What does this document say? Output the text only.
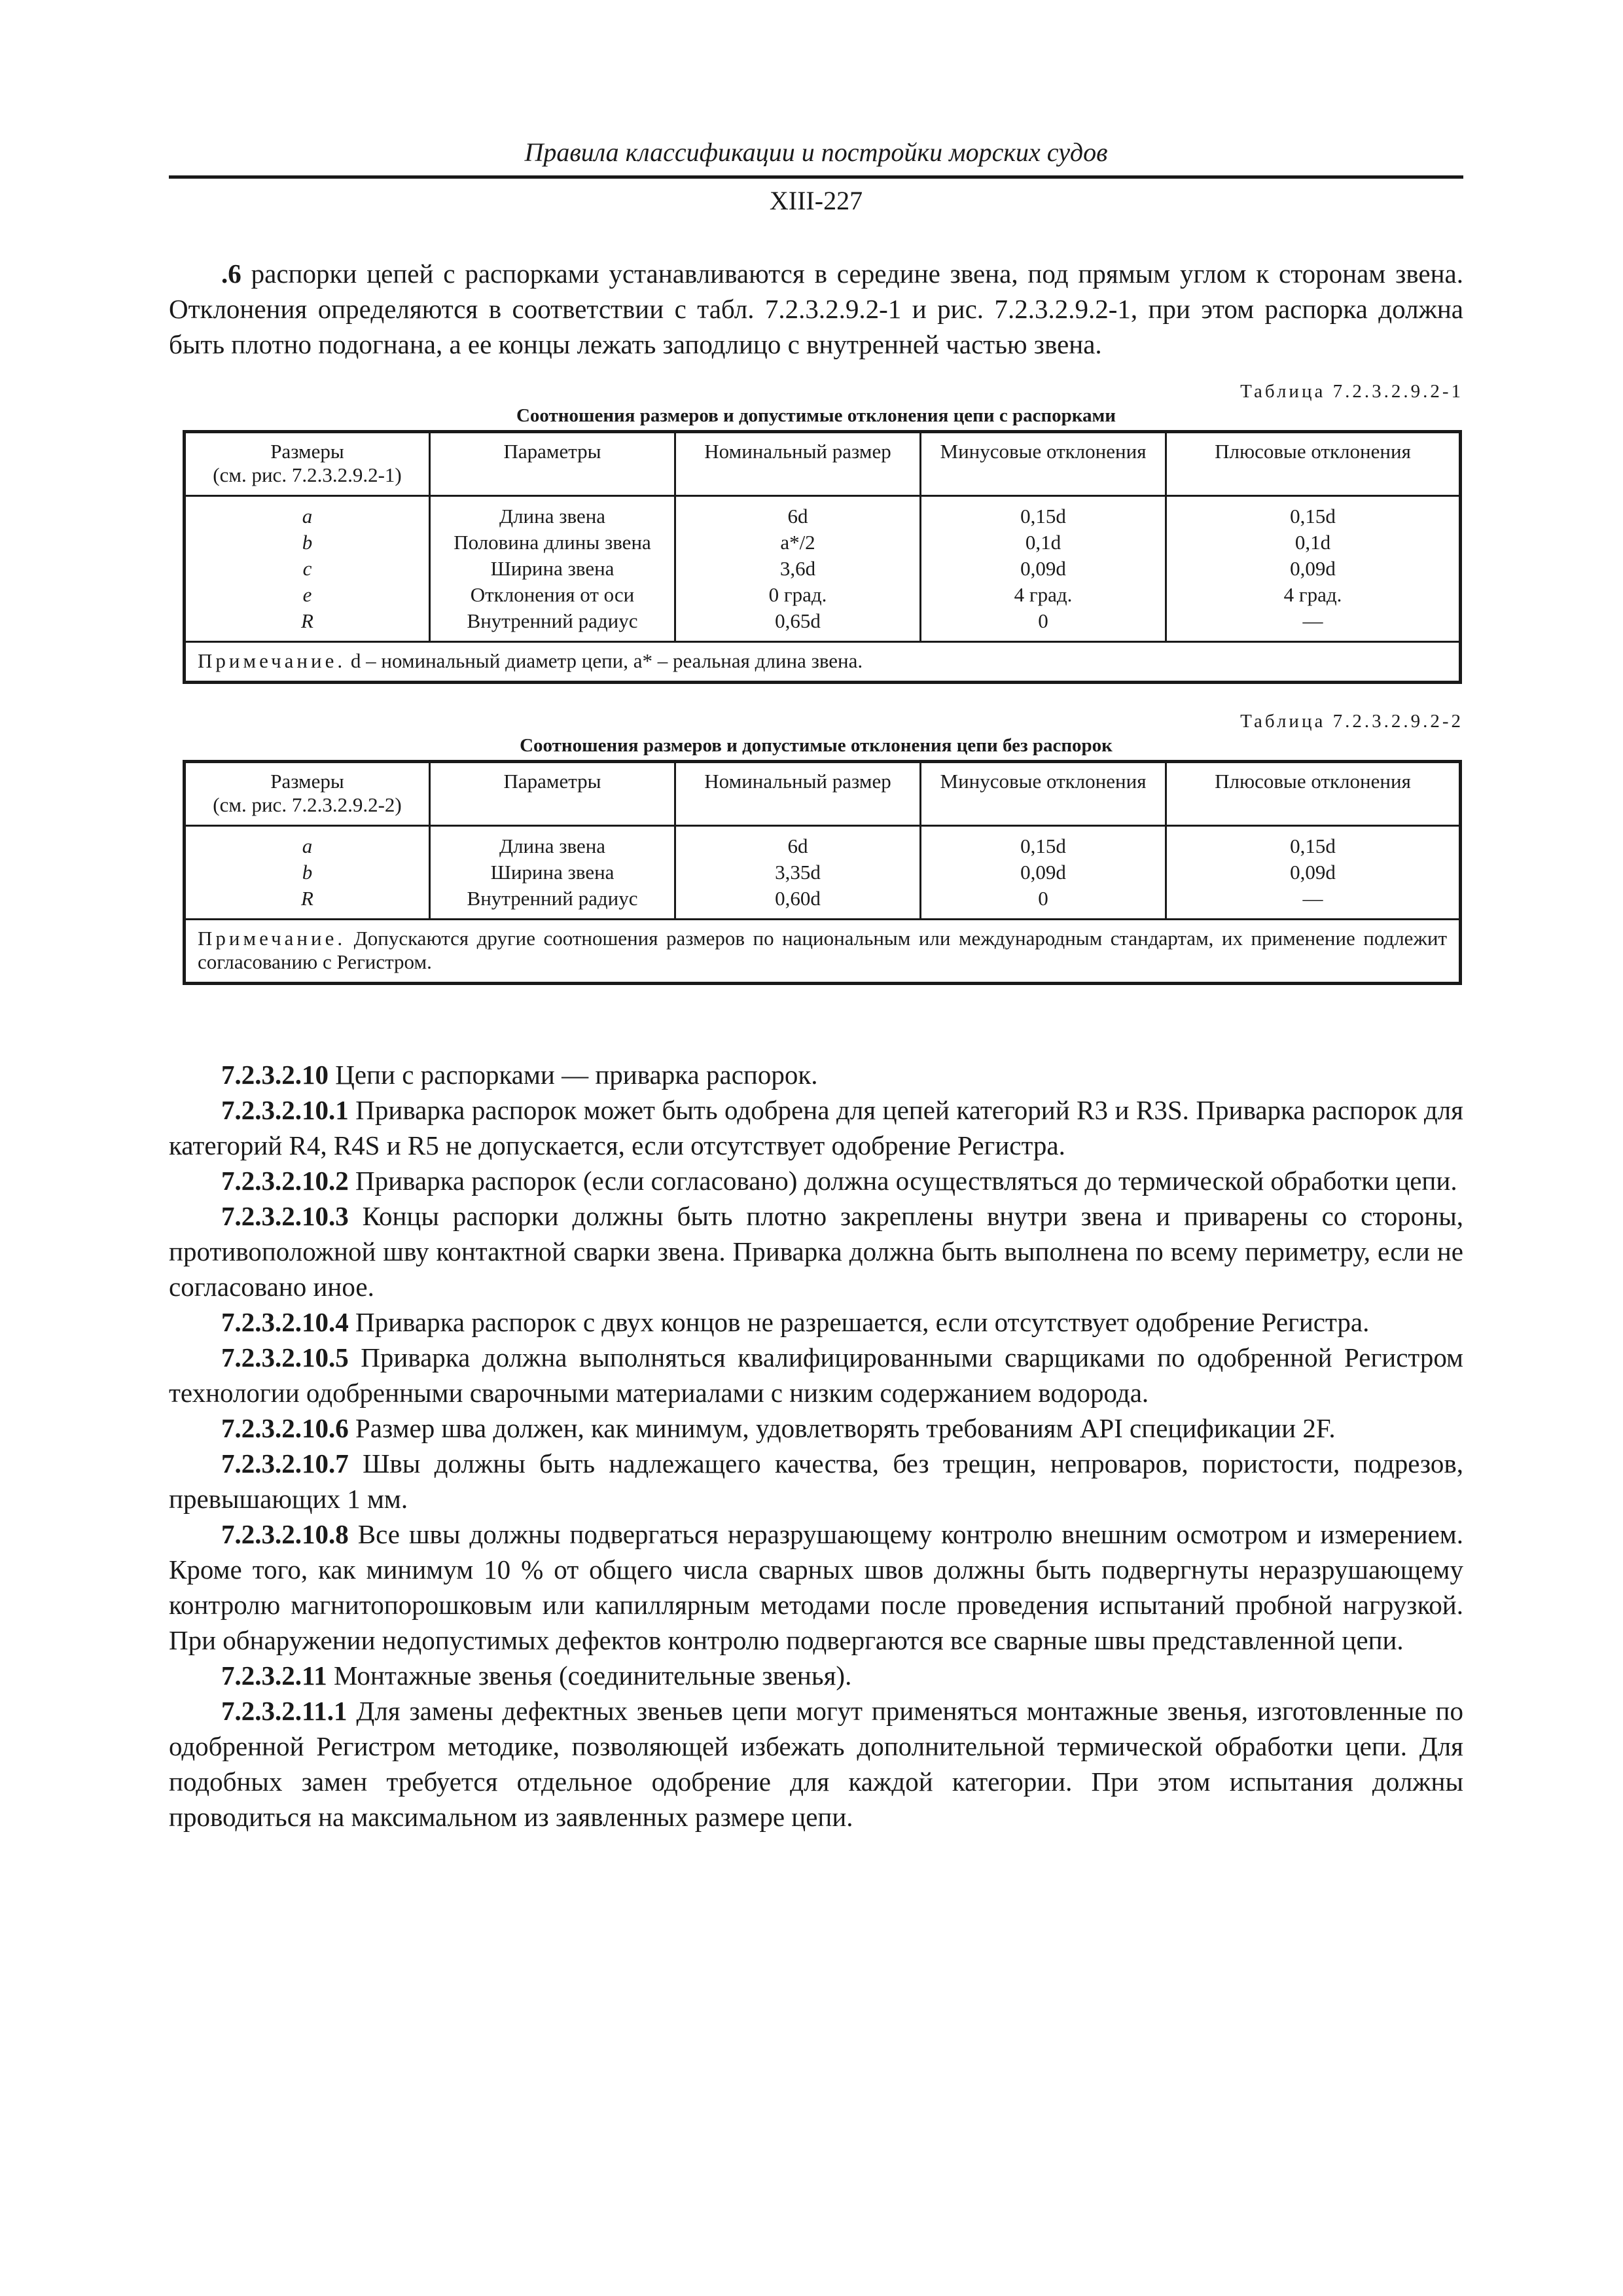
Правила классификации и постройки морских судов
XIII-227

.6 распорки цепей с распорками устанавливаются в середине звена, под прямым углом к сторонам звена. Отклонения определяются в соответствии с табл. 7.2.3.2.9.2-1 и рис. 7.2.3.2.9.2-1, при этом распорка должна быть плотно подогнана, а ее концы лежать заподлицо с внутренней частью звена.

Таблица 7.2.3.2.9.2-1
Соотношения размеров и допустимые отклонения цепи с распорками
Размеры
(см. рис. 7.2.3.2.9.2-1)	Параметры	Номинальный размер	Минусовые отклонения	Плюсовые отклонения
a	Длина звена	6d	0,15d	0,15d
b	Половина длины звена	a*/2	0,1d	0,1d
c	Ширина звена	3,6d	0,09d	0,09d
e	Отклонения от оси	0 град.	4 град.	4 град.
R	Внутренний радиус	0,65d	0	—
Примечание. d – номинальный диаметр цепи, a* – реальная длина звена.				
Таблица 7.2.3.2.9.2-2
Соотношения размеров и допустимые отклонения цепи без распорок
Размеры
(см. рис. 7.2.3.2.9.2-2)	Параметры	Номинальный размер	Минусовые отклонения	Плюсовые отклонения
a	Длина звена	6d	0,15d	0,15d
b	Ширина звена	3,35d	0,09d	0,09d
R	Внутренний радиус	0,60d	0	—
Примечание. Допускаются другие соотношения размеров по национальным или международным стандартам, их применение подлежит согласованию с Регистром.				

7.2.3.2.10 Цепи с распорками — приварка распорок.

7.2.3.2.10.1 Приварка распорок может быть одобрена для цепей категорий R3 и R3S. Приварка распорок для категорий R4, R4S и R5 не допускается, если отсутствует одобрение Регистра.

7.2.3.2.10.2 Приварка распорок (если согласовано) должна осуществляться до термической обработки цепи.

7.2.3.2.10.3 Концы распорки должны быть плотно закреплены внутри звена и приварены со стороны, противоположной шву контактной сварки звена. Приварка должна быть выполнена по всему периметру, если не согласовано иное.

7.2.3.2.10.4 Приварка распорок с двух концов не разрешается, если отсутствует одобрение Регистра.

7.2.3.2.10.5 Приварка должна выполняться квалифицированными сварщиками по одобренной Регистром технологии одобренными сварочными материалами с низким содержанием водорода.

7.2.3.2.10.6 Размер шва должен, как минимум, удовлетворять требованиям API спецификации 2F.

7.2.3.2.10.7 Швы должны быть надлежащего качества, без трещин, непроваров, пористости, подрезов, превышающих 1 мм.

7.2.3.2.10.8 Все швы должны подвергаться неразрушающему контролю внешним осмотром и измерением. Кроме того, как минимум 10 % от общего числа сварных швов должны быть подвергнуты неразрушающему контролю магнитопорошковым или капиллярным методами после проведения испытаний пробной нагрузкой. При обнаружении недопустимых дефектов контролю подвергаются все сварные швы представленной цепи.

7.2.3.2.11 Монтажные звенья (соединительные звенья).

7.2.3.2.11.1 Для замены дефектных звеньев цепи могут применяться монтажные звенья, изготовленные по одобренной Регистром методике, позволяющей избежать дополнительной термической обработки цепи. Для подобных замен требуется отдельное одобрение для каждой категории. При этом испытания должны проводиться на максимальном из заявленных размере цепи.
